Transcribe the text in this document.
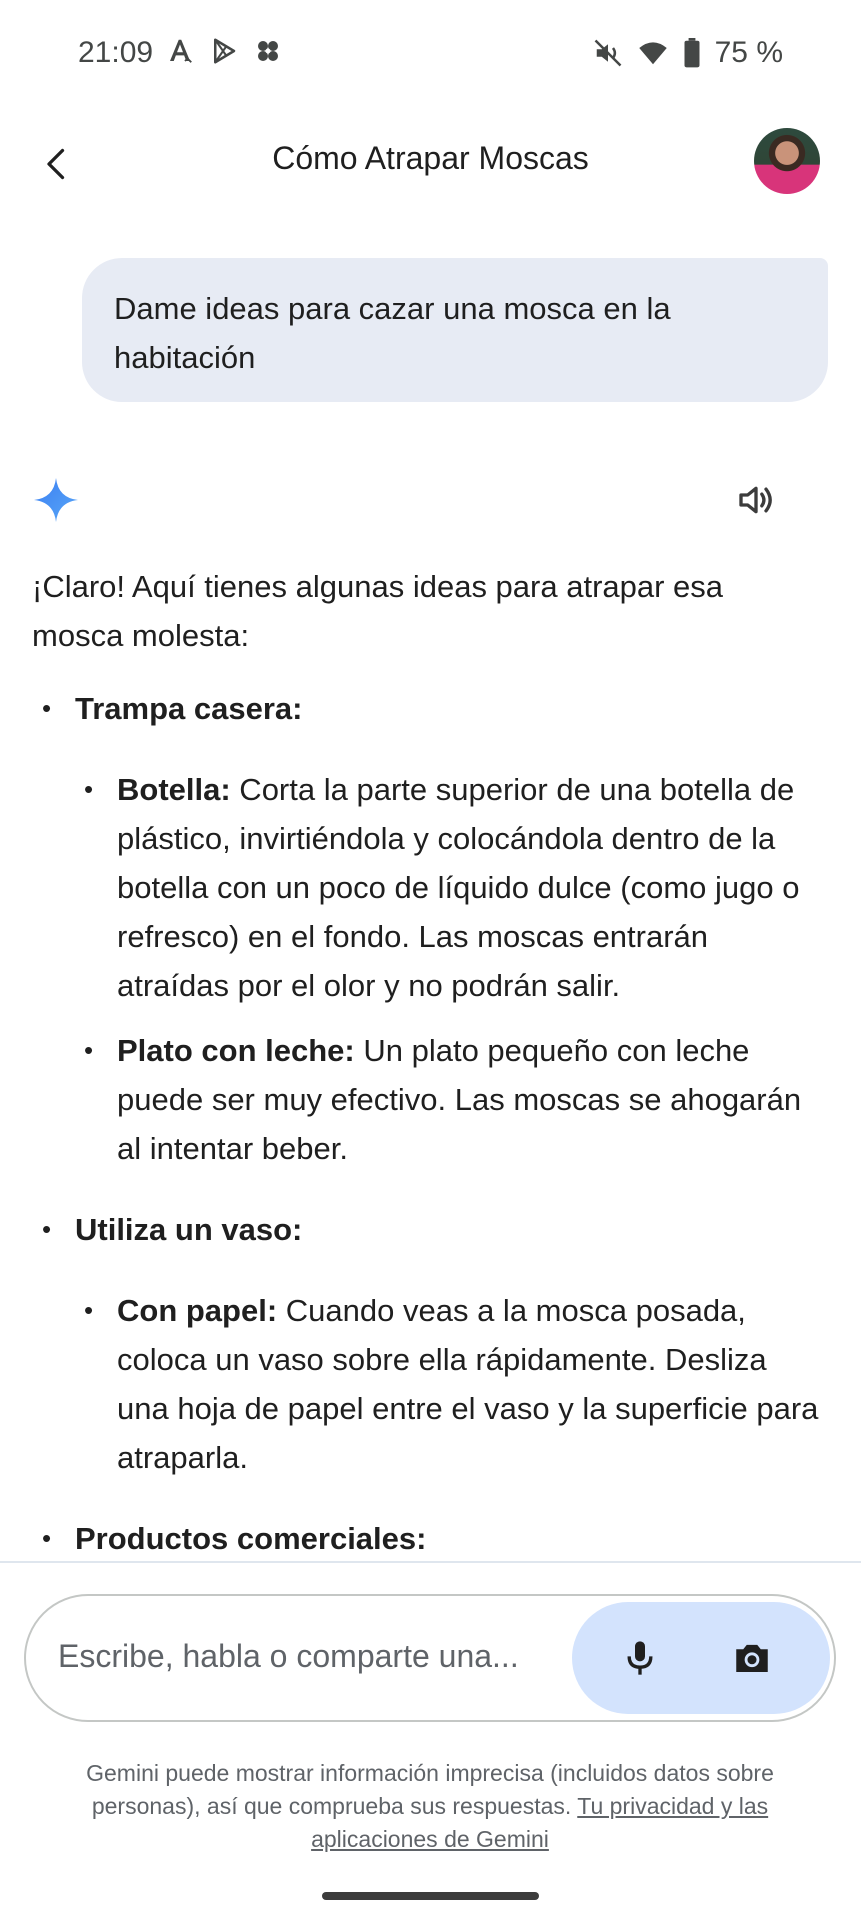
21:09	75 %
Cómo Atrapar Moscas
Dame ideas para cazar una mosca en la habitación

¡Claro! Aquí tienes algunas ideas para atrapar esa mosca molesta:

• Trampa casera:
• Botella: Corta la parte superior de una botella de plástico, invirtiéndola y colocándola dentro de la botella con un poco de líquido dulce (como jugo o refresco) en el fondo. Las moscas entrarán atraídas por el olor y no podrán salir.
• Plato con leche: Un plato pequeño con leche puede ser muy efectivo. Las moscas se ahogarán al intentar beber.
• Utiliza un vaso:
• Con papel: Cuando veas a la mosca posada, coloca un vaso sobre ella rápidamente. Desliza una hoja de papel entre el vaso y la superficie para atraparla.
• Productos comerciales:
Escribe, habla o comparte una...
Gemini puede mostrar información imprecisa (incluidos datos sobre personas), así que comprueba sus respuestas. Tu privacidad y las aplicaciones de Gemini
